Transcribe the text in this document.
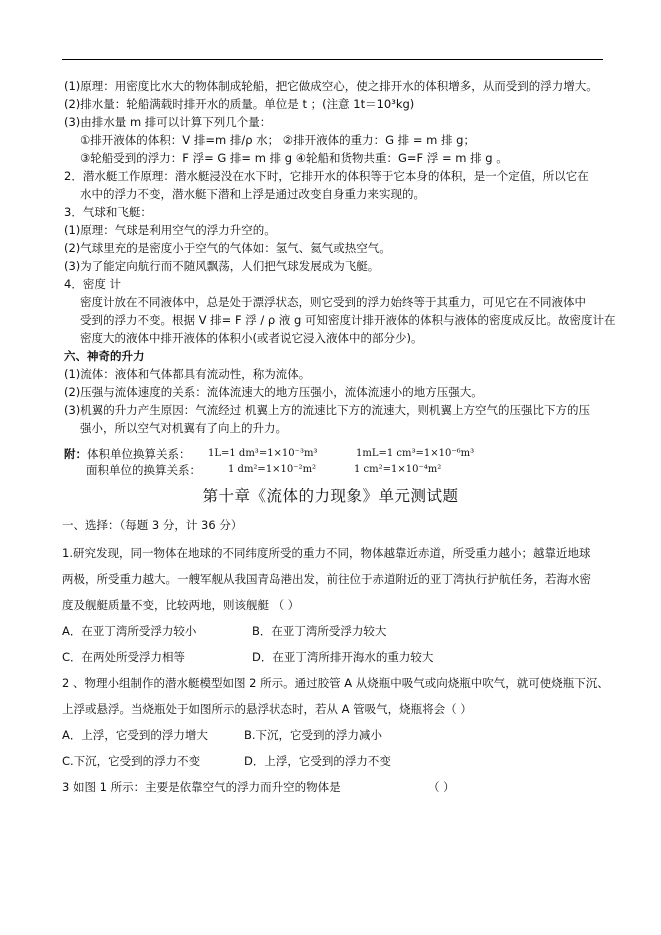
(1)原理：用密度比水大的物体制成轮船，把它做成空心，使之排开水的体积增多，从而受到的浮力增大。
(2)排水量：轮船满载时排开水的质量。单位是 t ；(注意 1t＝10³kg)
(3)由排水量 m 排可以计算下列几个量：
①排开液体的体积：V 排=m 排/ρ 水； ②排开液体的重力：G 排 = m 排 g；
③轮船受到的浮力：F 浮= G 排= m 排 g ④轮船和货物共重：G=F 浮 = m 排 g 。
2．潜水艇工作原理：潜水艇浸没在水下时，它排开水的体积等于它本身的体积，是一个定值，所以它在
水中的浮力不变，潜水艇下潜和上浮是通过改变自身重力来实现的。
3．气球和飞艇：
(1)原理：气球是利用空气的浮力升空的。
(2)气球里充的是密度小于空气的气体如：氢气、氦气或热空气。
(3)为了能定向航行而不随风飘荡，人们把气球发展成为飞艇。
4．密度 计
密度计放在不同液体中，总是处于漂浮状态，则它受到的浮力始终等于其重力，可见它在不同液体中
受到的浮力不变。根据 V 排= F 浮 / ρ 液 g 可知密度计排开液体的体积与液体的密度成反比。故密度计在
密度大的液体中排开液体的体积小(或者说它浸入液体中的部分少)。
六、神奇的升力
(1)流体：液体和气体都具有流动性，称为流体。
(2)压强与流体速度的关系：流体流速大的地方压强小，流体流速小的地方压强大。
(3)机翼的升力产生原因：气流经过 机翼上方的流速比下方的流速大，则机翼上方空气的压强比下方的压
强小，所以空气对机翼有了向上的升力。
附：体积单位换算关系： 1L=1 dm³=1×10⁻³m³	1mL=1 cm³=1×10⁻⁶m³
面积单位的换算关系：	1 dm²=1×10⁻²m²	1 cm²=1×10⁻⁴m²
第十章《流体的力现象》单元测试题
一、选择：（每题 3 分，计 36 分）
1.研究发现，同一物体在地球的不同纬度所受的重力不同，物体越靠近赤道，所受重力越小；越靠近地球
两极，所受重力越大。一艘军舰从我国青岛港出发，前往位于赤道附近的亚丁湾执行护航任务，若海水密
度及舰艇质量不变，比较两地，则该舰艇 （ ）
A．在亚丁湾所受浮力较小	B．在亚丁湾所受浮力较大
C．在两处所受浮力相等	D．在亚丁湾所排开海水的重力较大
2 、物理小组制作的潜水艇模型如图 2 所示。通过胶管 A 从烧瓶中吸气或向烧瓶中吹气，就可使烧瓶下沉、
上浮或悬浮。当烧瓶处于如图所示的悬浮状态时，若从 A 管吸气，烧瓶将会（ ）
A．上浮，它受到的浮力增大	B.下沉，它受到的浮力减小
C.下沉，它受到的浮力不变	D．上浮，它受到的浮力不变
3 如图 1 所示：主要是依靠空气的浮力而升空的物体是	（ ）
